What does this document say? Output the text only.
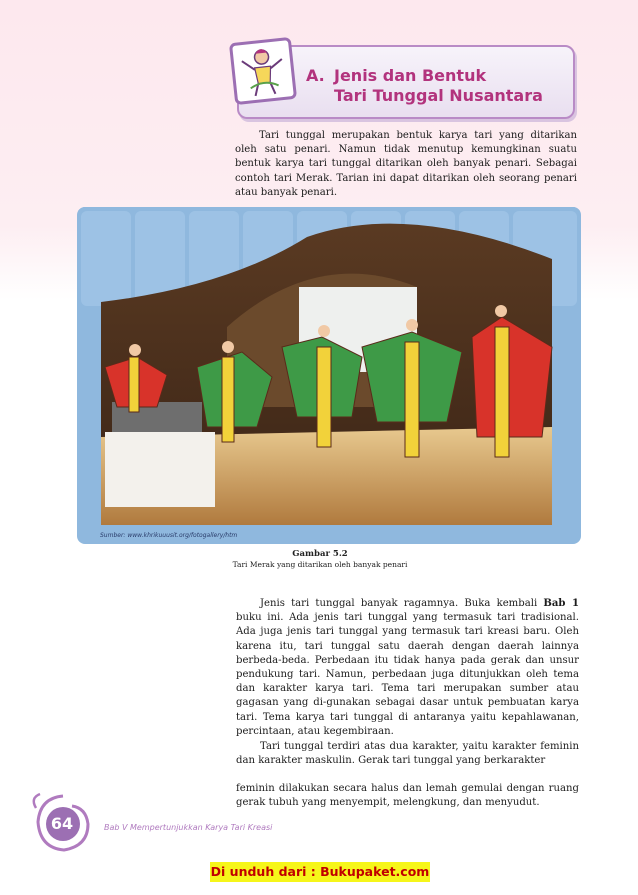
A. Jenis dan Bentuk
Tari Tunggal Nusantara

Tari tunggal merupakan bentuk karya tari yang ditarikan oleh satu penari. Namun tidak menutup kemungkinan suatu bentuk karya tari tunggal ditarikan oleh banyak penari. Sebagai contoh tari Merak. Tarian ini dapat ditarikan oleh seorang penari atau banyak penari.

Sumber: www.khrikuuusit.org/fotogallery/htm
Gambar 5.2
Tari Merak yang ditarikan oleh banyak penari

Jenis tari tunggal banyak ragamnya. Buka kembali Bab 1 buku ini. Ada jenis tari tunggal yang termasuk tari tradisional. Ada juga jenis tari tunggal yang termasuk tari kreasi baru. Oleh karena itu, tari tunggal satu daerah dengan daerah lainnya berbeda-beda. Perbedaan itu tidak hanya pada gerak dan unsur pendukung tari. Namun, perbedaan juga ditunjukkan oleh tema dan karakter karya tari. Tema tari merupakan sumber atau gagasan yang di-gunakan sebagai dasar untuk pembuatan karya tari. Tema karya tari tunggal di antaranya yaitu kepahlawanan, percintaan, atau kegembiraan.

Tari tunggal terdiri atas dua karakter, yaitu karakter feminin dan karakter maskulin. Gerak tari tunggal yang berkarakter

feminin dilakukan secara halus dan lemah gemulai dengan ruang gerak tubuh yang menyempit, melengkung, dan menyudut.

64	Bab V Mempertunjukkan Karya Tari Kreasi
Di unduh dari : Bukupaket.com
